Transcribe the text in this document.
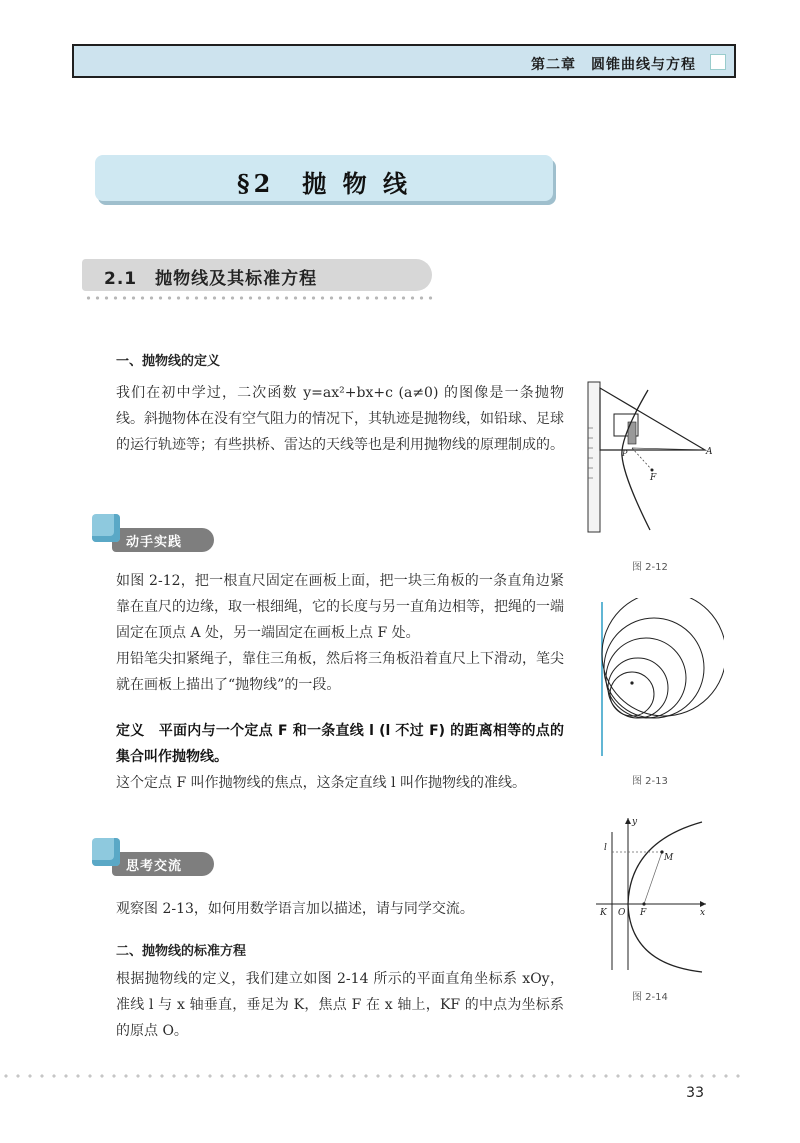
第二章　圆锥曲线与方程
§2　抛 物 线
2.1　抛物线及其标准方程
一、抛物线的定义
我们在初中学过，二次函数 y=ax²+bx+c (a≠0) 的图像是一条抛物线。斜抛物体在没有空气阻力的情况下，其轨迹是抛物线，如铅球、足球的运行轨迹等；有些拱桥、雷达的天线等也是利用抛物线的原理制成的。
动手实践
如图 2-12，把一根直尺固定在画板上面，把一块三角板的一条直角边紧靠在直尺的边缘，取一根细绳，它的长度与另一直角边相等，把绳的一端固定在顶点 A 处，另一端固定在画板上点 F 处。
用铅笔尖扣紧绳子，靠住三角板，然后将三角板沿着直尺上下滑动，笔尖就在画板上描出了“抛物线”的一段。
定义　平面内与一个定点 F 和一条直线 l (l 不过 F) 的距离相等的点的集合叫作抛物线。
这个定点 F 叫作抛物线的焦点，这条定直线 l 叫作抛物线的准线。
思考交流
观察图 2-13，如何用数学语言加以描述，请与同学交流。
二、抛物线的标准方程
根据抛物线的定义，我们建立如图 2-14 所示的平面直角坐标系 xOy，准线 l 与 x 轴垂直，垂足为 K，焦点 F 在 x 轴上，KF 的中点为坐标系的原点 O。
A
F
P
图 2-12
图 2-13
y
l
M
K O F	x
图 2-14
33
